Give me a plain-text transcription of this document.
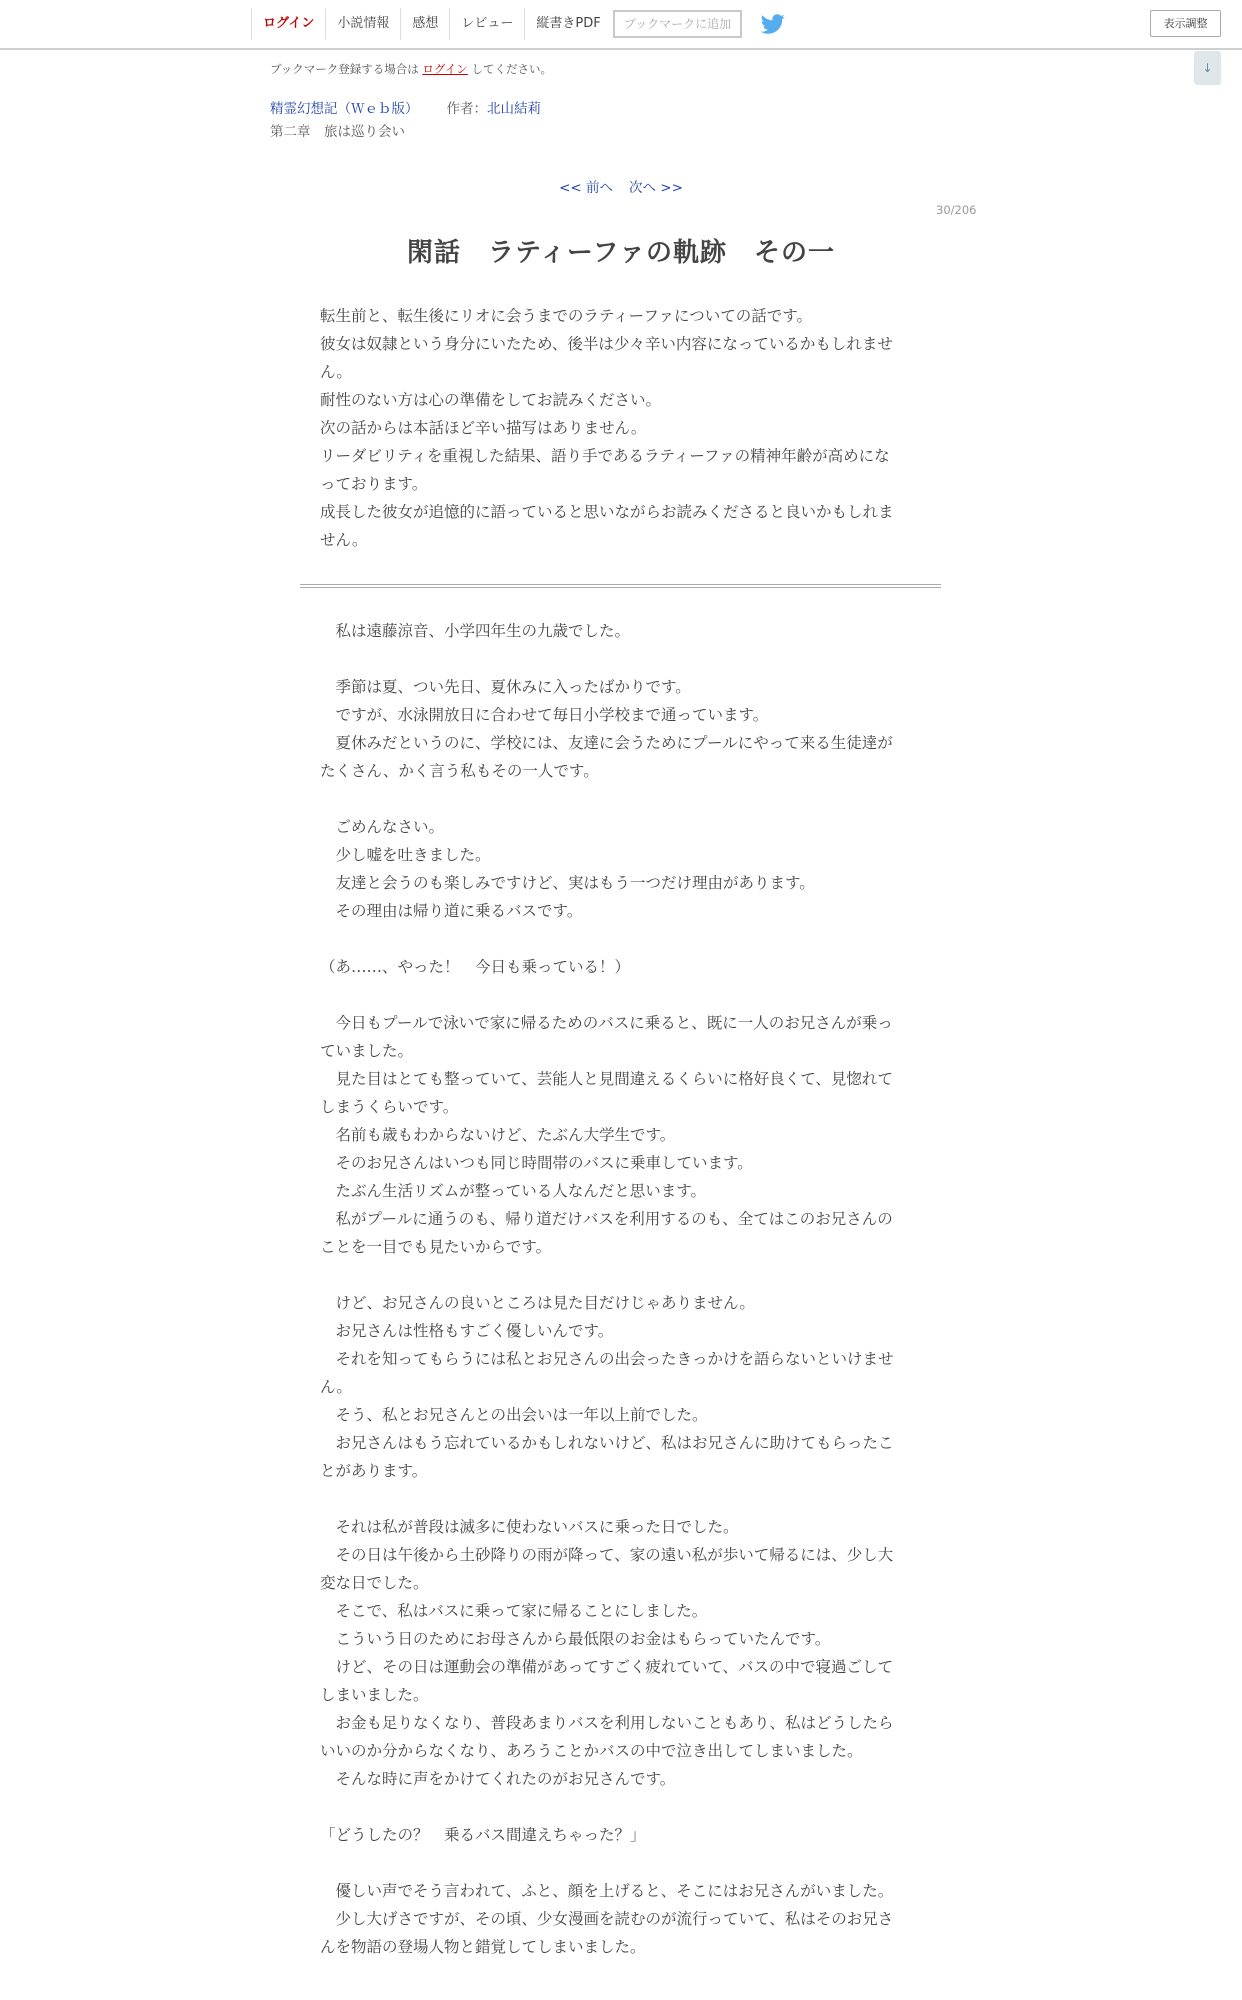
ログイン	小説情報	感想	レビュー	縦書きPDF	ブックマークに追加	表示調整
↓
ブックマーク登録する場合は ログイン してください。
精霊幻想記（Ｗｅｂ版） 作者：北山結莉
第二章　旅は巡り会い
<< 前へ 次へ >>
30/206
閑話　ラティーファの軌跡　その一

転生前と、転生後にリオに会うまでのラティーファについての話です。

彼女は奴隷という身分にいたため、後半は少々辛い内容になっているかもしれませ

ん。

耐性のない方は心の準備をしてお読みください。

次の話からは本話ほど辛い描写はありません。

リーダビリティを重視した結果、語り手であるラティーファの精神年齢が高めにな

っております。

成長した彼女が追憶的に語っていると思いながらお読みくださると良いかもしれま

せん。

　私は遠藤涼音、小学四年生の九歳でした。

　季節は夏、つい先日、夏休みに入ったばかりです。

　ですが、水泳開放日に合わせて毎日小学校まで通っています。

　夏休みだというのに、学校には、友達に会うためにプールにやって来る生徒達が

たくさん、かく言う私もその一人です。

　ごめんなさい。

　少し嘘を吐きました。

　友達と会うのも楽しみですけど、実はもう一つだけ理由があります。

　その理由は帰り道に乗るバスです。

（あ……、やった！　今日も乗っている！）

　今日もプールで泳いで家に帰るためのバスに乗ると、既に一人のお兄さんが乗っ

ていました。

　見た目はとても整っていて、芸能人と見間違えるくらいに格好良くて、見惚れて

しまうくらいです。

　名前も歳もわからないけど、たぶん大学生です。

　そのお兄さんはいつも同じ時間帯のバスに乗車しています。

　たぶん生活リズムが整っている人なんだと思います。

　私がプールに通うのも、帰り道だけバスを利用するのも、全てはこのお兄さんの

ことを一目でも見たいからです。

　けど、お兄さんの良いところは見た目だけじゃありません。

　お兄さんは性格もすごく優しいんです。

　それを知ってもらうには私とお兄さんの出会ったきっかけを語らないといけませ

ん。

　そう、私とお兄さんとの出会いは一年以上前でした。

　お兄さんはもう忘れているかもしれないけど、私はお兄さんに助けてもらったこ

とがあります。

　それは私が普段は滅多に使わないバスに乗った日でした。

　その日は午後から土砂降りの雨が降って、家の遠い私が歩いて帰るには、少し大

変な日でした。

　そこで、私はバスに乗って家に帰ることにしました。

　こういう日のためにお母さんから最低限のお金はもらっていたんです。

　けど、その日は運動会の準備があってすごく疲れていて、バスの中で寝過ごして

しまいました。

　お金も足りなくなり、普段あまりバスを利用しないこともあり、私はどうしたら

いいのか分からなくなり、あろうことかバスの中で泣き出してしまいました。

　そんな時に声をかけてくれたのがお兄さんです。

「どうしたの？　乗るバス間違えちゃった？」

　優しい声でそう言われて、ふと、顔を上げると、そこにはお兄さんがいました。

　少し大げさですが、その頃、少女漫画を読むのが流行っていて、私はそのお兄さ

んを物語の登場人物と錯覚してしまいました。
